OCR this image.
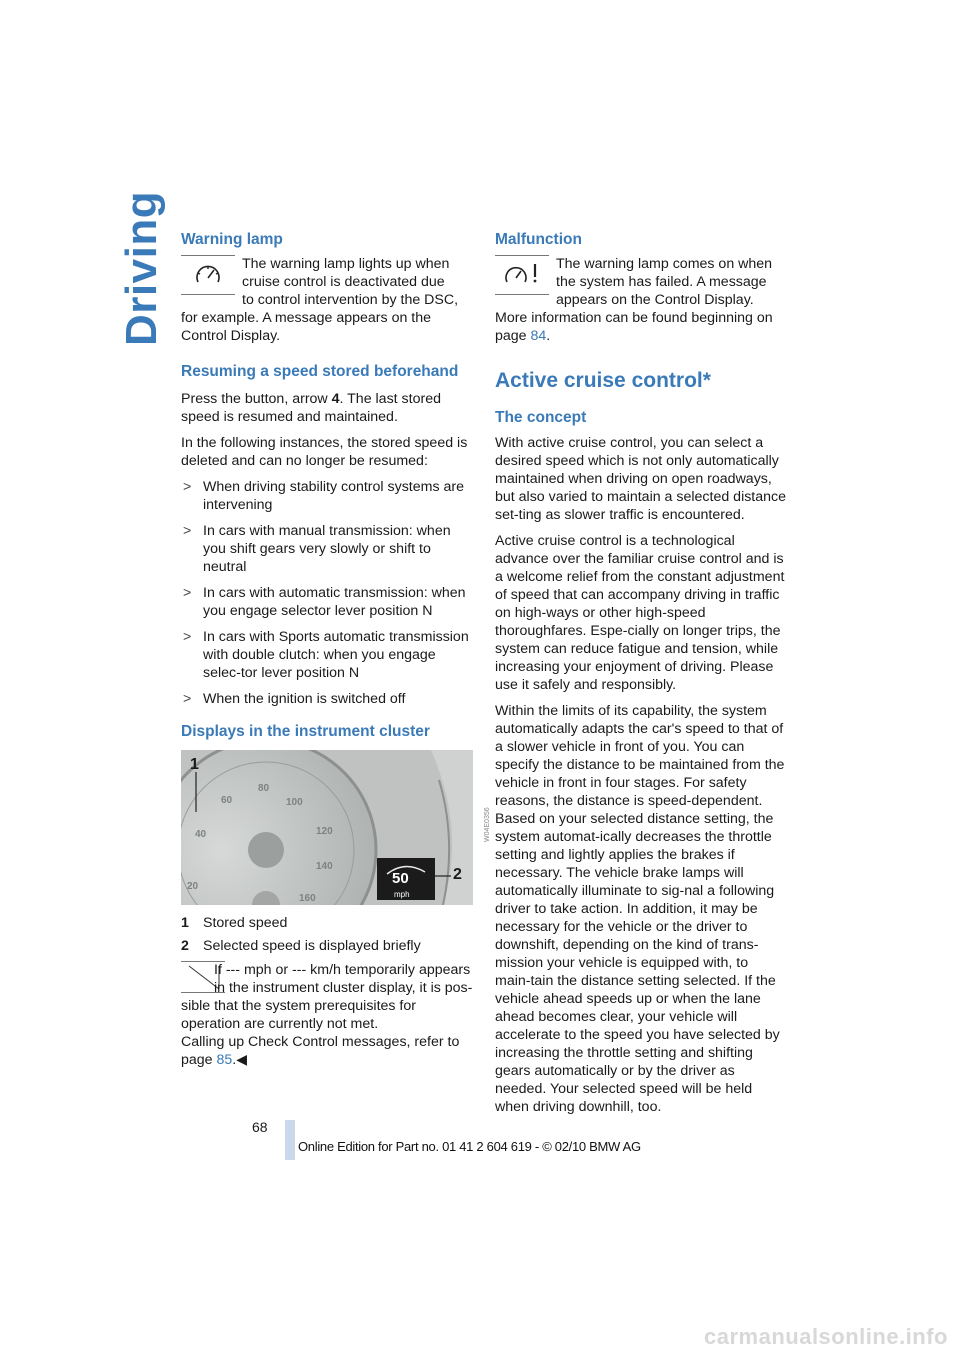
Driving Warning lamp

The warning lamp lights up when

cruise control is deactivated due

to control intervention by the DSC,

for example. A message appears on the Control Display.

Resuming a speed stored beforehand

Press the button, arrow 4. The last stored speed is resumed and maintained.

In the following instances, the stored speed is deleted and can no longer be resumed:

> When driving stability control systems are intervening
> In cars with manual transmission: when you shift gears very slowly or shift to neutral
> In cars with automatic transmission: when you engage selector lever position N
> In cars with Sports automatic transmission with double clutch: when you engage selec-tor lever position N
> When the ignition is switched off

Displays in the instrument cluster

1
2
50
mph
20
40
60
80
100
120
140
160
W04E0356

1 Stored speed

2 Selected speed is displayed briefly

If --- mph or --- km/h temporarily appears

in the instrument cluster display, it is pos-

sible that the system prerequisites for operation are currently not met.

Calling up Check Control messages, refer to

page 85.◀

Malfunction

The warning lamp comes on when

the system has failed. A message

appears on the Control Display.

More information can be found beginning on

page 84.

Active cruise control*

The concept

With active cruise control, you can select a desired speed which is not only automatically maintained when driving on open roadways, but also varied to maintain a selected distance set-ting as slower traffic is encountered.

Active cruise control is a technological advance over the familiar cruise control and is a welcome relief from the constant adjustment of speed that can accompany driving in traffic on high-ways or other high-speed thoroughfares. Espe-cially on longer trips, the system can reduce fatigue and tension, while increasing your enjoyment of driving. Please use it safely and responsibly.

Within the limits of its capability, the system automatically adapts the car's speed to that of a slower vehicle in front of you. You can specify the distance to be maintained from the vehicle in front in four stages. For safety reasons, the distance is speed-dependent. Based on your selected distance setting, the system automat-ically decreases the throttle setting and lightly applies the brakes if necessary. The vehicle brake lamps will automatically illuminate to sig-nal a following driver to take action. In addition, it may be necessary for the vehicle or the driver to downshift, depending on the kind of trans-mission your vehicle is equipped with, to main-tain the distance setting selected. If the vehicle ahead speeds up or when the lane ahead becomes clear, your vehicle will accelerate to the speed you have selected by increasing the throttle setting and shifting gears automatically or by the driver as needed. Your selected speed will be held when driving downhill, too.

68
Online Edition for Part no. 01 41 2 604 619 - © 02/10 BMW AG
carmanualsonline.info
